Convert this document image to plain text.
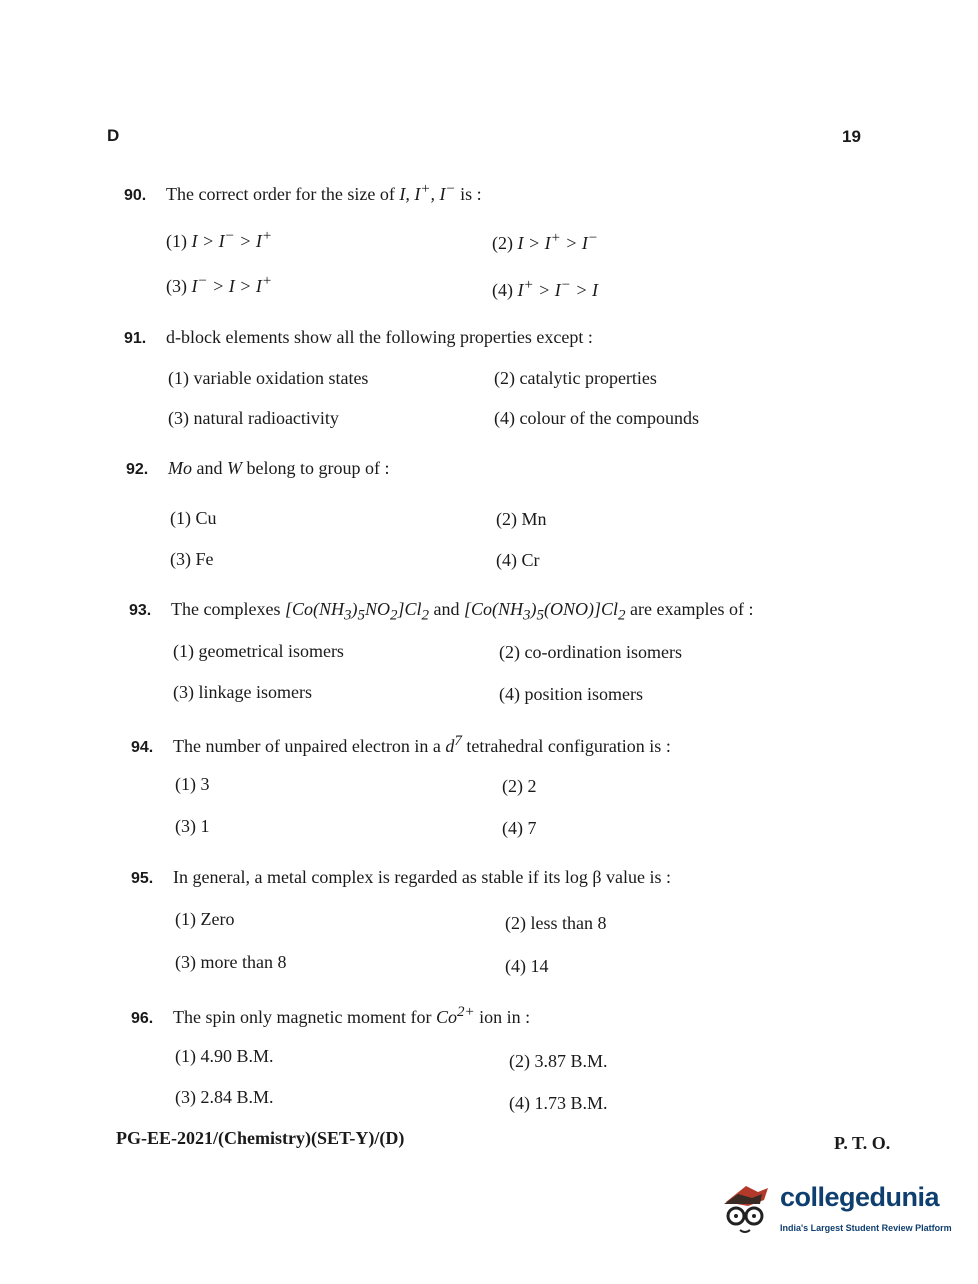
D	19
90. The correct order for the size of I, I+, I− is :
(1) I > I− > I+	(2) I > I+ > I−
(3) I− > I > I+	(4) I+ > I− > I
91. d-block elements show all the following properties except :
(1) variable oxidation states	(2) catalytic properties
(3) natural radioactivity	(4) colour of the compounds
92. Mo and W belong to group of :
(1) Cu	(2) Mn
(3) Fe	(4) Cr
93. The complexes $[Co(NH_3)_5NO_2]Cl_2$ and $[Co(NH_3)_5(ONO)]Cl_2$ are examples of :
(1) geometrical isomers	(2) co-ordination isomers
(3) linkage isomers	(4) position isomers
94. The number of unpaired electron in a $d^7$ tetrahedral configuration is :
(1) 3	(2) 2
(3) 1	(4) 7
95. In general, a metal complex is regarded as stable if its log β value is :
(1) Zero	(2) less than 8
(3) more than 8	(4) 14
96. The spin only magnetic moment for $Co^{2+}$ ion in :
(1) 4.90 B.M.	(2) 3.87 B.M.
(3) 2.84 B.M.	(4) 1.73 B.M.
PG-EE-2021/(Chemistry)(SET-Y)/(D)	P. T. O.
collegedunia
India's Largest Student Review Platform
